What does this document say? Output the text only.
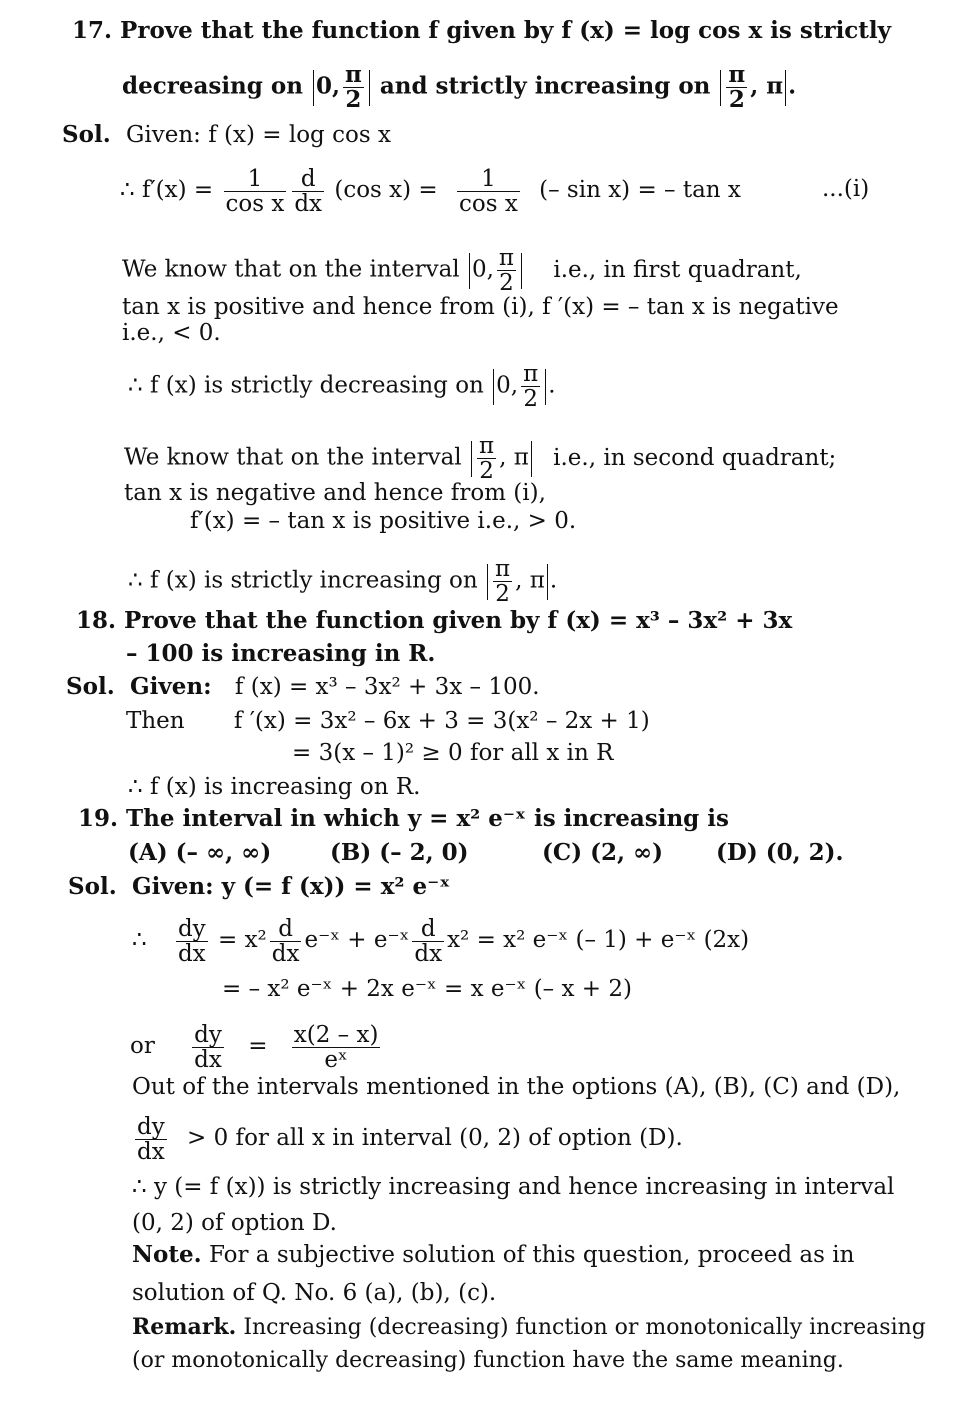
17. Prove that the function f given by f (x) = log cos x is strictly
decreasing on 0, $\frac{\pi}{2}$ and strictly increasing on $\frac{\pi}{2}$ , π .
Sol. Given: f (x) = log cos x
∴ $f'(x) = \frac{1}{\text{cos x}} \frac{d}{dx} (\cos$ $x) = \frac{1}{\text{cos x}}$ (– sin x) = – tan x	...(i)
We know that on the interval 0, $\frac{\pi}{2} i.e$., in first quadrant,
tan x is positive and hence from (i), f ′(x) = – tan x is negative
i.e., < 0.
∴ f (x) is strictly decreasing on 0, $\frac{\pi}{2}$ .
We know that on the interval $\frac{\pi}{2}$ , π i.e., in second quadrant;
tan x is negative and hence from (i),
f′(x) = – tan x is positive i.e., > 0.
∴ f (x) is strictly increasing on $\frac{\pi}{2}$ , π .
18. Prove that the function given by f (x) = x³ – 3x² + 3x
– 100 is increasing in R.
Sol. Given: f (x) = x³ – 3x² + 3x – 100.
Then f ′(x) = 3x² – 6x + 3 = 3(x² – 2x + 1)
= 3(x – 1)² ≥ 0 for all x in R
∴ f (x) is increasing on R.
19. The interval in which y = x² e⁻ˣ is increasing is
(A) (– ∞, ∞)	(B) (– 2, 0)	(C) (2, ∞) (D) (0, 2).
Sol. Given: y (= f (x)) = x² e⁻ˣ
∴ $\frac{dy}{dx} = x^2 \frac{d}{dx}$ e⁻ˣ + e⁻ˣ $\frac{d}{dx} x^2 = x^2$ e⁻ˣ (– 1) + e⁻ˣ (2x)
= – x² e⁻ˣ + 2x e⁻ˣ = x e⁻ˣ (– x + 2)
or $\frac{dy}{dx} = \frac{x(2 - x)}{\text{eˣ}}$
Out of the intervals mentioned in the options (A), (B), (C) and (D),
$\frac{dy}{dx} > 0$ for all x in interval (0, 2) of option (D).
∴ y (= f (x)) is strictly increasing and hence increasing in interval
(0, 2) of option D.
Note. For a subjective solution of this question, proceed as in
solution of Q. No. 6 (a), (b), (c).
Remark. Increasing (decreasing) function or monotonically increasing
(or monotonically decreasing) function have the same meaning.
